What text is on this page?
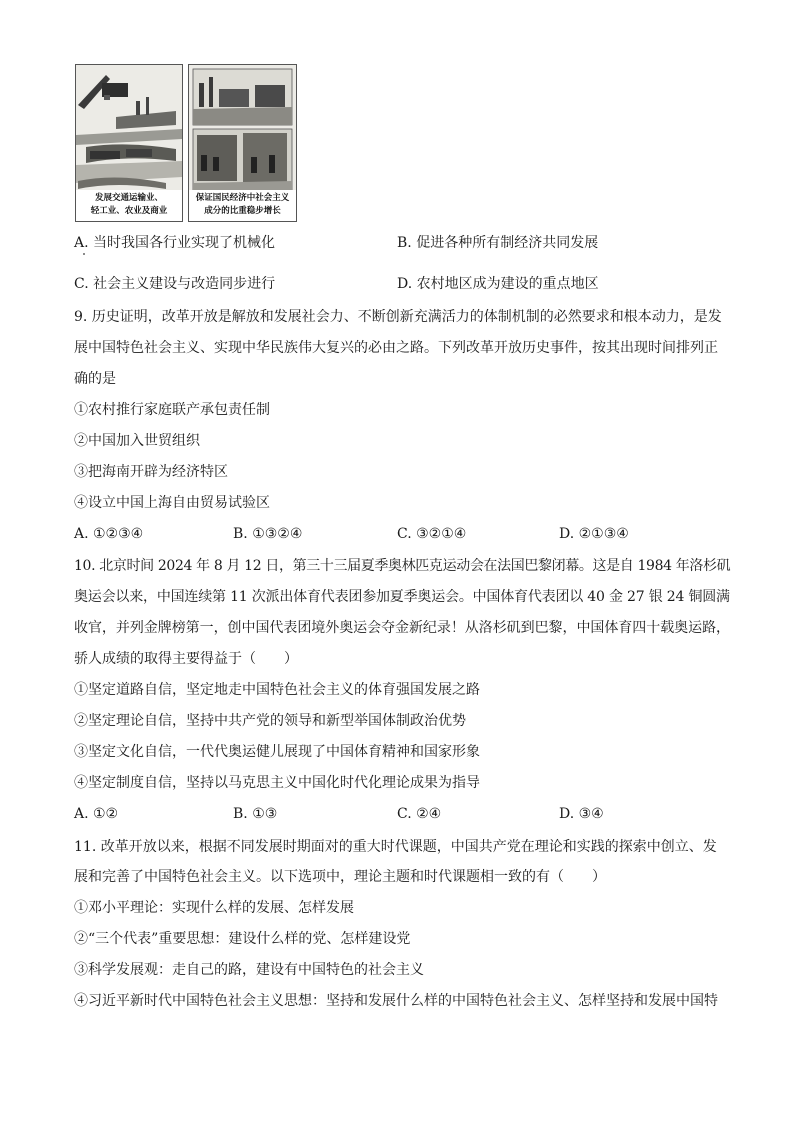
发展交通运输业、
轻工业、农业及商业
保证国民经济中社会主义
成分的比重稳步增长
A. 当时我国各行业实现了机械化	B. 促进各种所有制经济共同发展
C. 社会主义建设与改造同步进行	D. 农村地区成为建设的重点地区
9. 历史证明，改革开放是解放和发展社会力、不断创新充满活力的体制机制的必然要求和根本动力，是发
展中国特色社会主义、实现中华民族伟大复兴的必由之路。下列改革开放历史事件，按其出现时间排列正
确的是
①农村推行家庭联产承包责任制
②中国加入世贸组织
③把海南开辟为经济特区
④设立中国上海自由贸易试验区
A. ①②③④	B. ①③②④	C. ③②①④	D. ②①③④
10. 北京时间 2024 年 8 月 12 日，第三十三届夏季奥林匹克运动会在法国巴黎闭幕。这是自 1984 年洛杉矶
奥运会以来，中国连续第 11 次派出体育代表团参加夏季奥运会。中国体育代表团以 40 金 27 银 24 铜圆满
收官，并列金牌榜第一，创中国代表团境外奥运会夺金新纪录！从洛杉矶到巴黎，中国体育四十载奥运路，
骄人成绩的取得主要得益于（　　）
①坚定道路自信，坚定地走中国特色社会主义的体育强国发展之路
②坚定理论自信，坚持中共产党的领导和新型举国体制政治优势
③坚定文化自信，一代代奥运健儿展现了中国体育精神和国家形象
④坚定制度自信，坚持以马克思主义中国化时代化理论成果为指导
A. ①②	B. ①③	C. ②④	D. ③④
11. 改革开放以来，根据不同发展时期面对的重大时代课题，中国共产党在理论和实践的探索中创立、发
展和完善了中国特色社会主义。以下选项中，理论主题和时代课题相一致的有（　　）
①邓小平理论：实现什么样的发展、怎样发展
②“三个代表”重要思想：建设什么样的党、怎样建设党
③科学发展观：走自己的路，建设有中国特色的社会主义
④习近平新时代中国特色社会主义思想：坚持和发展什么样的中国特色社会主义、怎样坚持和发展中国特
